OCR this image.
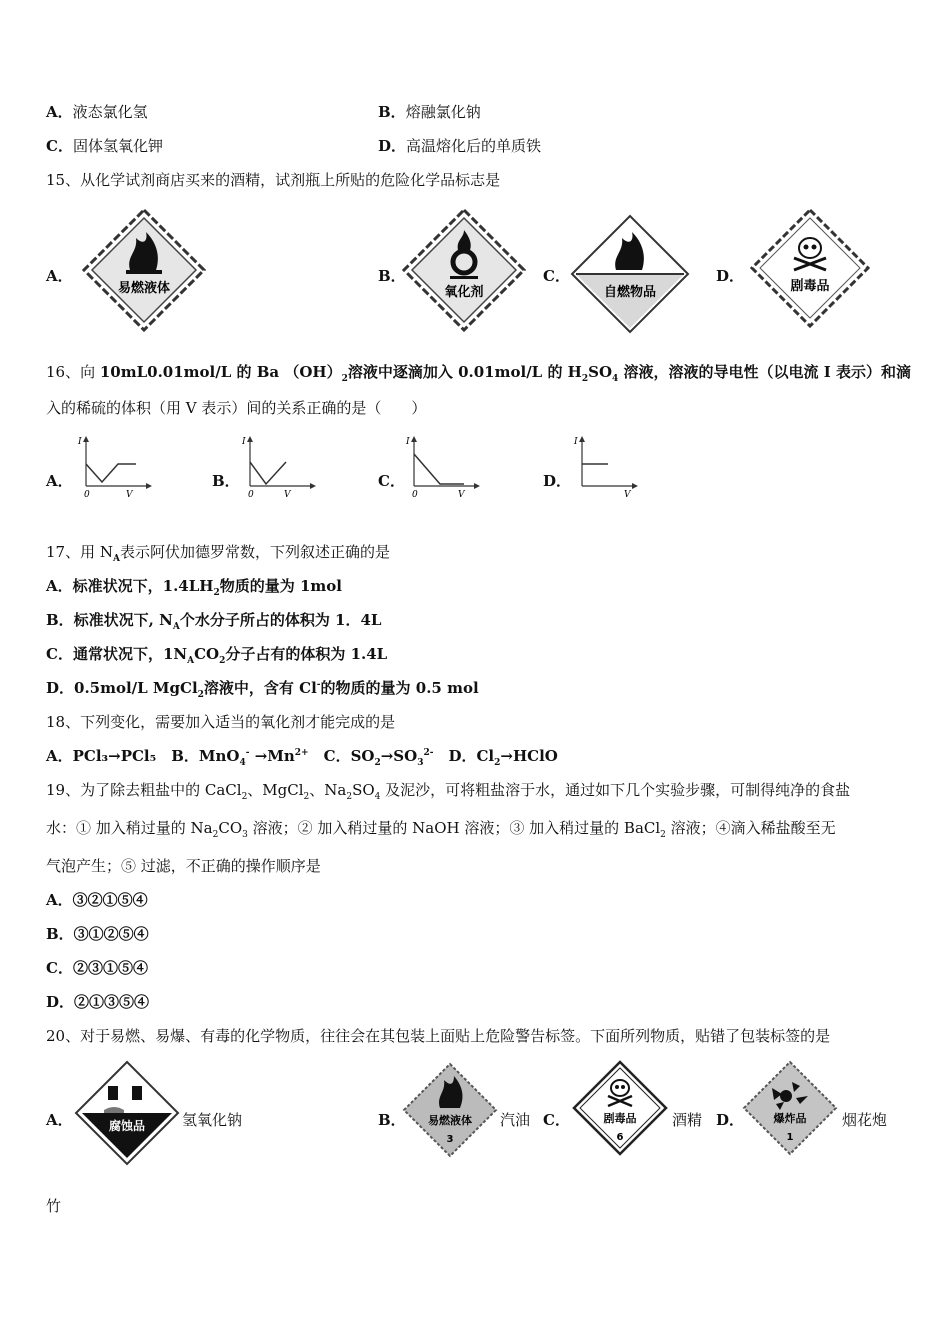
A．液态氯化氢	B．熔融氯化钠
C．固体氢氧化钾	D．高温熔化后的单质铁
15、从化学试剂商店买来的酒精，试剂瓶上所贴的危险化学品标志是
A．
易燃液体
B．
氧化剂
C．
自燃物品
D．
剧毒品
16、向 10mL0.01mol/L 的 Ba $(OH)_2$溶液中逐滴加入 0.01mol/L 的 $H_2SO_4$ 溶液，溶液的导电性（以电流 I 表示）和滴
入的稀硫的体积（用 V 表示）间的关系正确的是（　　）
A．
I
0	V
B．
I
0	V
C．
I
0	V
D．
I
V
17、用 $N_A$表示阿伏加德罗常数，下列叙述正确的是
A．标准状况下，$1.4LH_2$物质的量为 1mol
B．标准状况下, $N_A$个水分子所占的体积为 1．4L
C．通常状况下，$1N_ACO_2$分子占有的体积为 1.4L
D．0.5mol/L MgCl$_2$溶液中，含有 Cl-的物质的量为 0.5 mol
18、下列变化，需要加入适当的氧化剂才能完成的是
A．PCl₃→PCl₅　 B．$MnO_4^- \to Mn^{2+}$　 C．$SO_2\to SO_3^{2-}$　 D．$Cl_2\to HClO$
19、为了除去粗盐中的 CaCl$_2$、MgCl$_2$、$Na_2SO_4$ 及泥沙，可将粗盐溶于水，通过如下几个实验步骤，可制得纯净的食盐
水：① 加入稍过量的 $Na_2CO_3$ 溶液；② 加入稍过量的 NaOH 溶液；③ 加入稍过量的 BaCl$_2$ 溶液；④滴入稀盐酸至无
气泡产生；⑤ 过滤，不正确的操作顺序是
A．③②①⑤④
B．③①②⑤④
C．②③①⑤④
D．②①③⑤④
20、对于易燃、易爆、有毒的化学物质，往往会在其包装上面贴上危险警告标签。下面所列物质，贴错了包装标签的是
A．	腐蚀品 氢氧化钠	B． 易燃液体
3
汽油 C．	剧毒品
6
酒精 D．	爆炸品
1
烟花炮
竹
